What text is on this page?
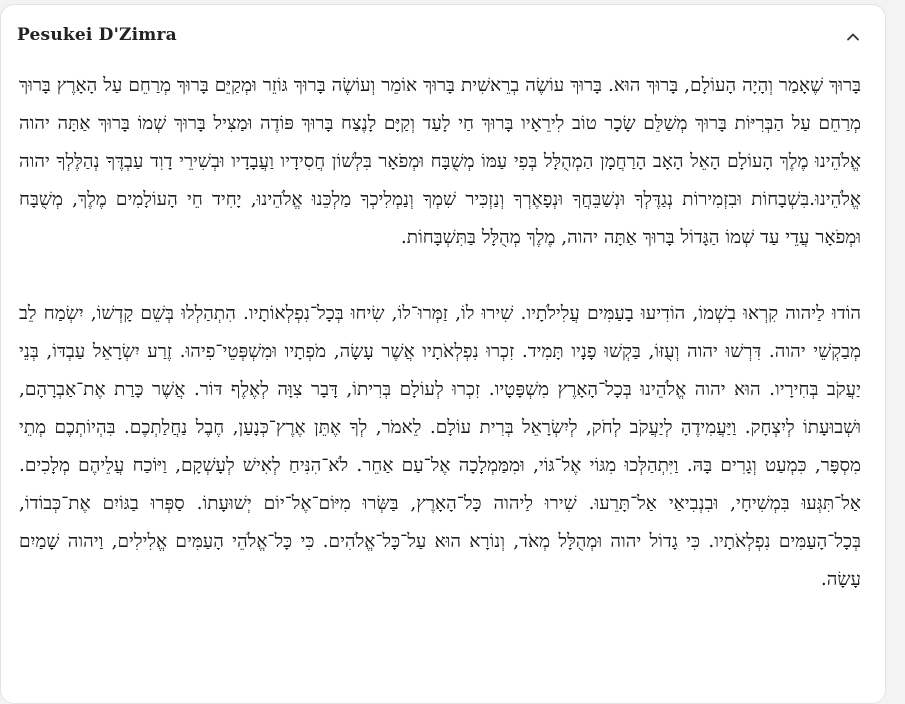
Pesukei D'Zimra

בָּרוּךְ שֶׁאָמַר וְהָיָה הָעוֹלָם, בָּרוּךְ הוּא. בָּרוּךְ עוֹשֶׂה בְרֵאשִׁית בָּרוּךְ אוֹמֵר וְעוֹשֶׂה בָּרוּךְ גּוֹזֵר וּמְקַיֵּם בָּרוּךְ מְרַחֵם עַל הָאָרֶץ בָּרוּךְ מְרַחֵם עַל הַבְּרִיּוֹת בָּרוּךְ מְשַׁלֵּם שָׂכָר טוֹב לִירֵאָיו בָּרוּךְ חַי לָעַד וְקַיָּם לָנֶצַח בָּרוּךְ פּוֹדֶה וּמַצִּיל בָּרוּךְ שְׁמוֹ בָּרוּךְ אַתָּה יהוה אֱלֹהֵינוּ מֶלֶךְ הָעוֹלָם הָאֵל הָאָב הָרַחֲמָן הַמְהֻלָּל בְּפִי עַמּוֹ מְשֻׁבָּח וּמְפֹאָר בִּלְשׁוֹן חֲסִידָיו וַעֲבָדָיו וּבְשִׁירֵי דָוִד עַבְדֶּךָ נְהַלֶּלְךָ יהוה אֱלֹהֵינוּ.בִּשְׁבָחוֹת וּבִזְמִירוֹת נְגַדֶּלְךָ וּנְשַׁבֵּחֲךָ וּנְפָאֶרְךָ וְנַזְכִּיר שִׁמְךָ וְנַמְלִיכְךָ מַלְכֵּנוּ אֱלֹהֵינוּ, יָחִיד חֵי הָעוֹלָמִים מֶלֶךְ, מְשֻׁבָּח וּמְפֹאָר עֲדֵי עַד שְׁמוֹ הַגָּדוֹל בָּרוּךְ אַתָּה יהוה, מֶלֶךְ מְהֻלָּל בַּתִּשְׁבָּחוֹת.

הוֹדוּ לַיהוה קִרְאוּ בִשְׁמוֹ, הוֹדִיעוּ בָעַמִּים עֲלִילֹתָיו. שִׁירוּ לוֹ, זַמְּרוּ־לוֹ, שִׂיחוּ בְּכָל־נִפְלְאוֹתָיו. הִתְהַלְלוּ בְּשֵׁם קָדְשׁוֹ, יִשְׂמַח לֵב מְבַקְשֵׁי יהוה. דִּרְשׁוּ יהוה וְעֻזּוֹ, בַּקְשׁוּ פָנָיו תָּמִיד. זִכְרוּ נִפְלְאֹתָיו אֲשֶׁר עָשָׂה, מֹפְתָיו וּמִשְׁפְּטֵי־פִיהוּ. זֶרַע יִשְׂרָאֵל עַבְדּוֹ, בְּנֵי יַעֲקֹב בְּחִירָיו. הוּא יהוה אֱלֹהֵינוּ בְּכָל־הָאָרֶץ מִשְׁפָּטָיו. זִכְרוּ לְעוֹלָם בְּרִיתוֹ, דָּבָר צִוָּה לְאֶלֶף דּוֹר. אֲשֶׁר כָּרַת אֶת־אַבְרָהָם, וּשְׁבוּעָתוֹ לְיִצְחָק. וַיַּעֲמִידֶהָ לְיַעֲקֹב לְחֹק, לְיִשְׂרָאֵל בְּרִית עוֹלָם. לֵאמֹר, לְךָ אֶתֵּן אֶרֶץ־כְּנָעַן, חֶבֶל נַחֲלַתְכֶם. בִּהְיוֹתְכֶם מְתֵי מִסְפָּר, כִּמְעַט וְגָרִים בָּהּ. וַיִּתְהַלְּכוּ מִגּוֹי אֶל־גּוֹי, וּמִמַּמְלָכָה אֶל־עַם אַחֵר. לֹא־הִנִּיחַ לְאִישׁ לְעָשְׁקָם, וַיּוֹכַח עֲלֵיהֶם מְלָכִים. אַל־תִּגְּעוּ בִּמְשִׁיחָי, וּבִנְבִיאַי אַל־תָּרֵעוּ. שִׁירוּ לַיהוה כָּל־הָאָרֶץ, בַּשְּׂרוּ מִיּוֹם־אֶל־יוֹם יְשׁוּעָתוֹ. סַפְּרוּ בַגּוֹיִם אֶת־כְּבוֹדוֹ, בְּכָל־הָעַמִּים נִפְלְאֹתָיו. כִּי גָדוֹל יהוה וּמְהֻלָּל מְאֹד, וְנוֹרָא הוּא עַל־כָּל־אֱלֹהִים. כִּי כָּל־אֱלֹהֵי הָעַמִּים אֱלִילִים, וַיהוה שָׁמַיִם עָשָׂה.
